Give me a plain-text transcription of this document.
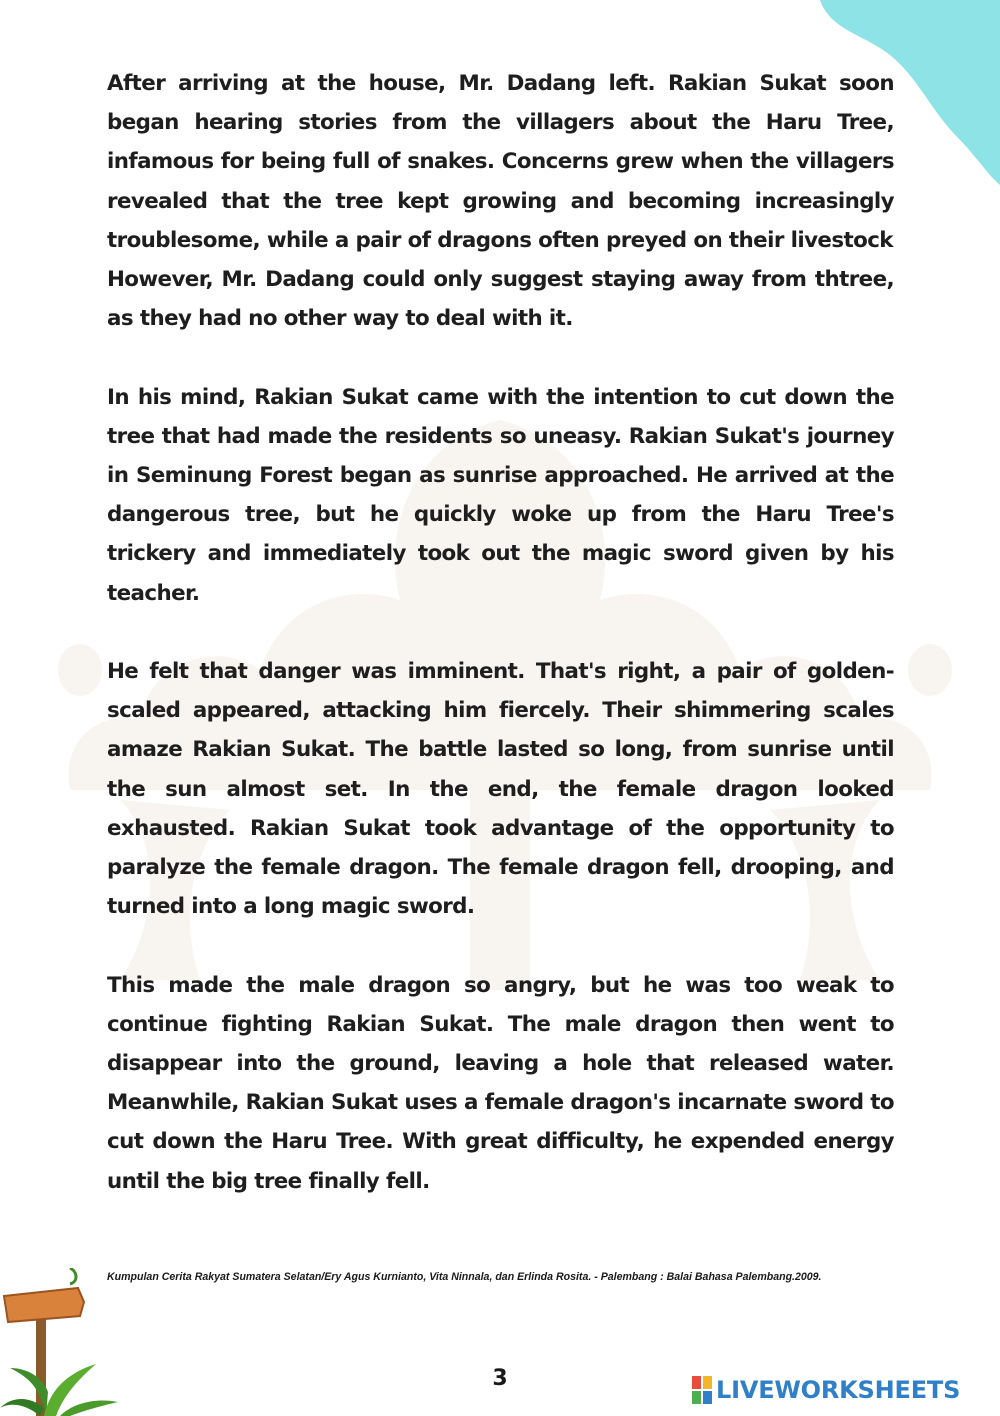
After arriving at the house, Mr. Dadang left. Rakian Sukat soon began hearing stories from the villagers about the Haru Tree, infamous for being full of snakes. Concerns grew when the villagers revealed that the tree kept growing and becoming increasingly troublesome, while a pair of dragons often preyed on their livestock
However, Mr. Dadang could only suggest staying away from thtree, as they had no other way to deal with it.

In his mind, Rakian Sukat came with the intention to cut down the tree that had made the residents so uneasy. Rakian Sukat's journey in Seminung Forest began as sunrise approached. He arrived at the dangerous tree, but he quickly woke up from the Haru Tree's trickery and immediately took out the magic sword given by his teacher.

He felt that danger was imminent. That's right, a pair of golden-scaled appeared, attacking him fiercely. Their shimmering scales amaze Rakian Sukat. The battle lasted so long, from sunrise until the sun almost set. In the end, the female dragon looked exhausted. Rakian Sukat took advantage of the opportunity to paralyze the female dragon. The female dragon fell, drooping, and turned into a long magic sword.

This made the male dragon so angry, but he was too weak to continue fighting Rakian Sukat. The male dragon then went to disappear into the ground, leaving a hole that released water. Meanwhile, Rakian Sukat uses a female dragon's incarnate sword to cut down the Haru Tree. With great difficulty, he expended energy until the big tree finally fell.

Kumpulan Cerita Rakyat Sumatera Selatan/Ery Agus Kurnianto, Vita Ninnala, dan Erlinda Rosita. - Palembang : Balai Bahasa Palembang.2009.
3	LIVEWORKSHEETS
